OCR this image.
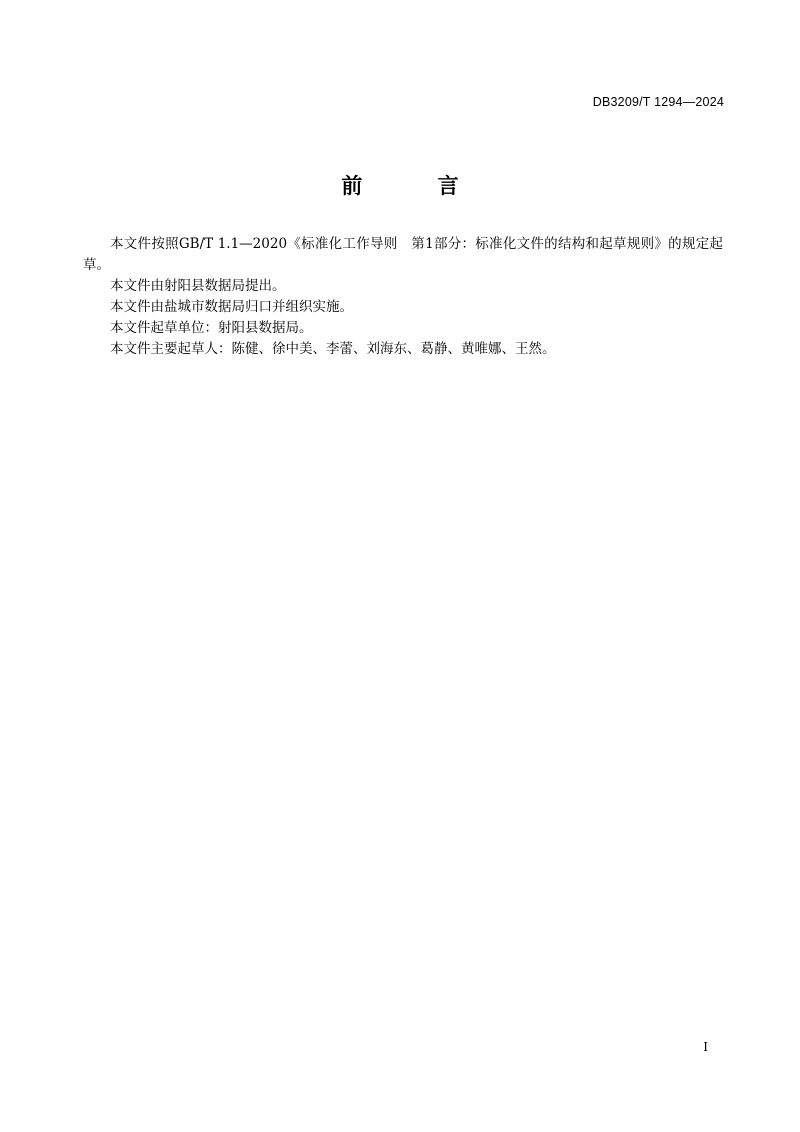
DB3209/T 1294—2024
前 言

本文件按照GB/T 1.1—2020《标准化工作导则　第1部分：标准化文件的结构和起草规则》的规定起草。

本文件由射阳县数据局提出。

本文件由盐城市数据局归口并组织实施。

本文件起草单位：射阳县数据局。

本文件主要起草人：陈健、徐中美、李蕾、刘海东、葛静、黄唯娜、王然。

I
